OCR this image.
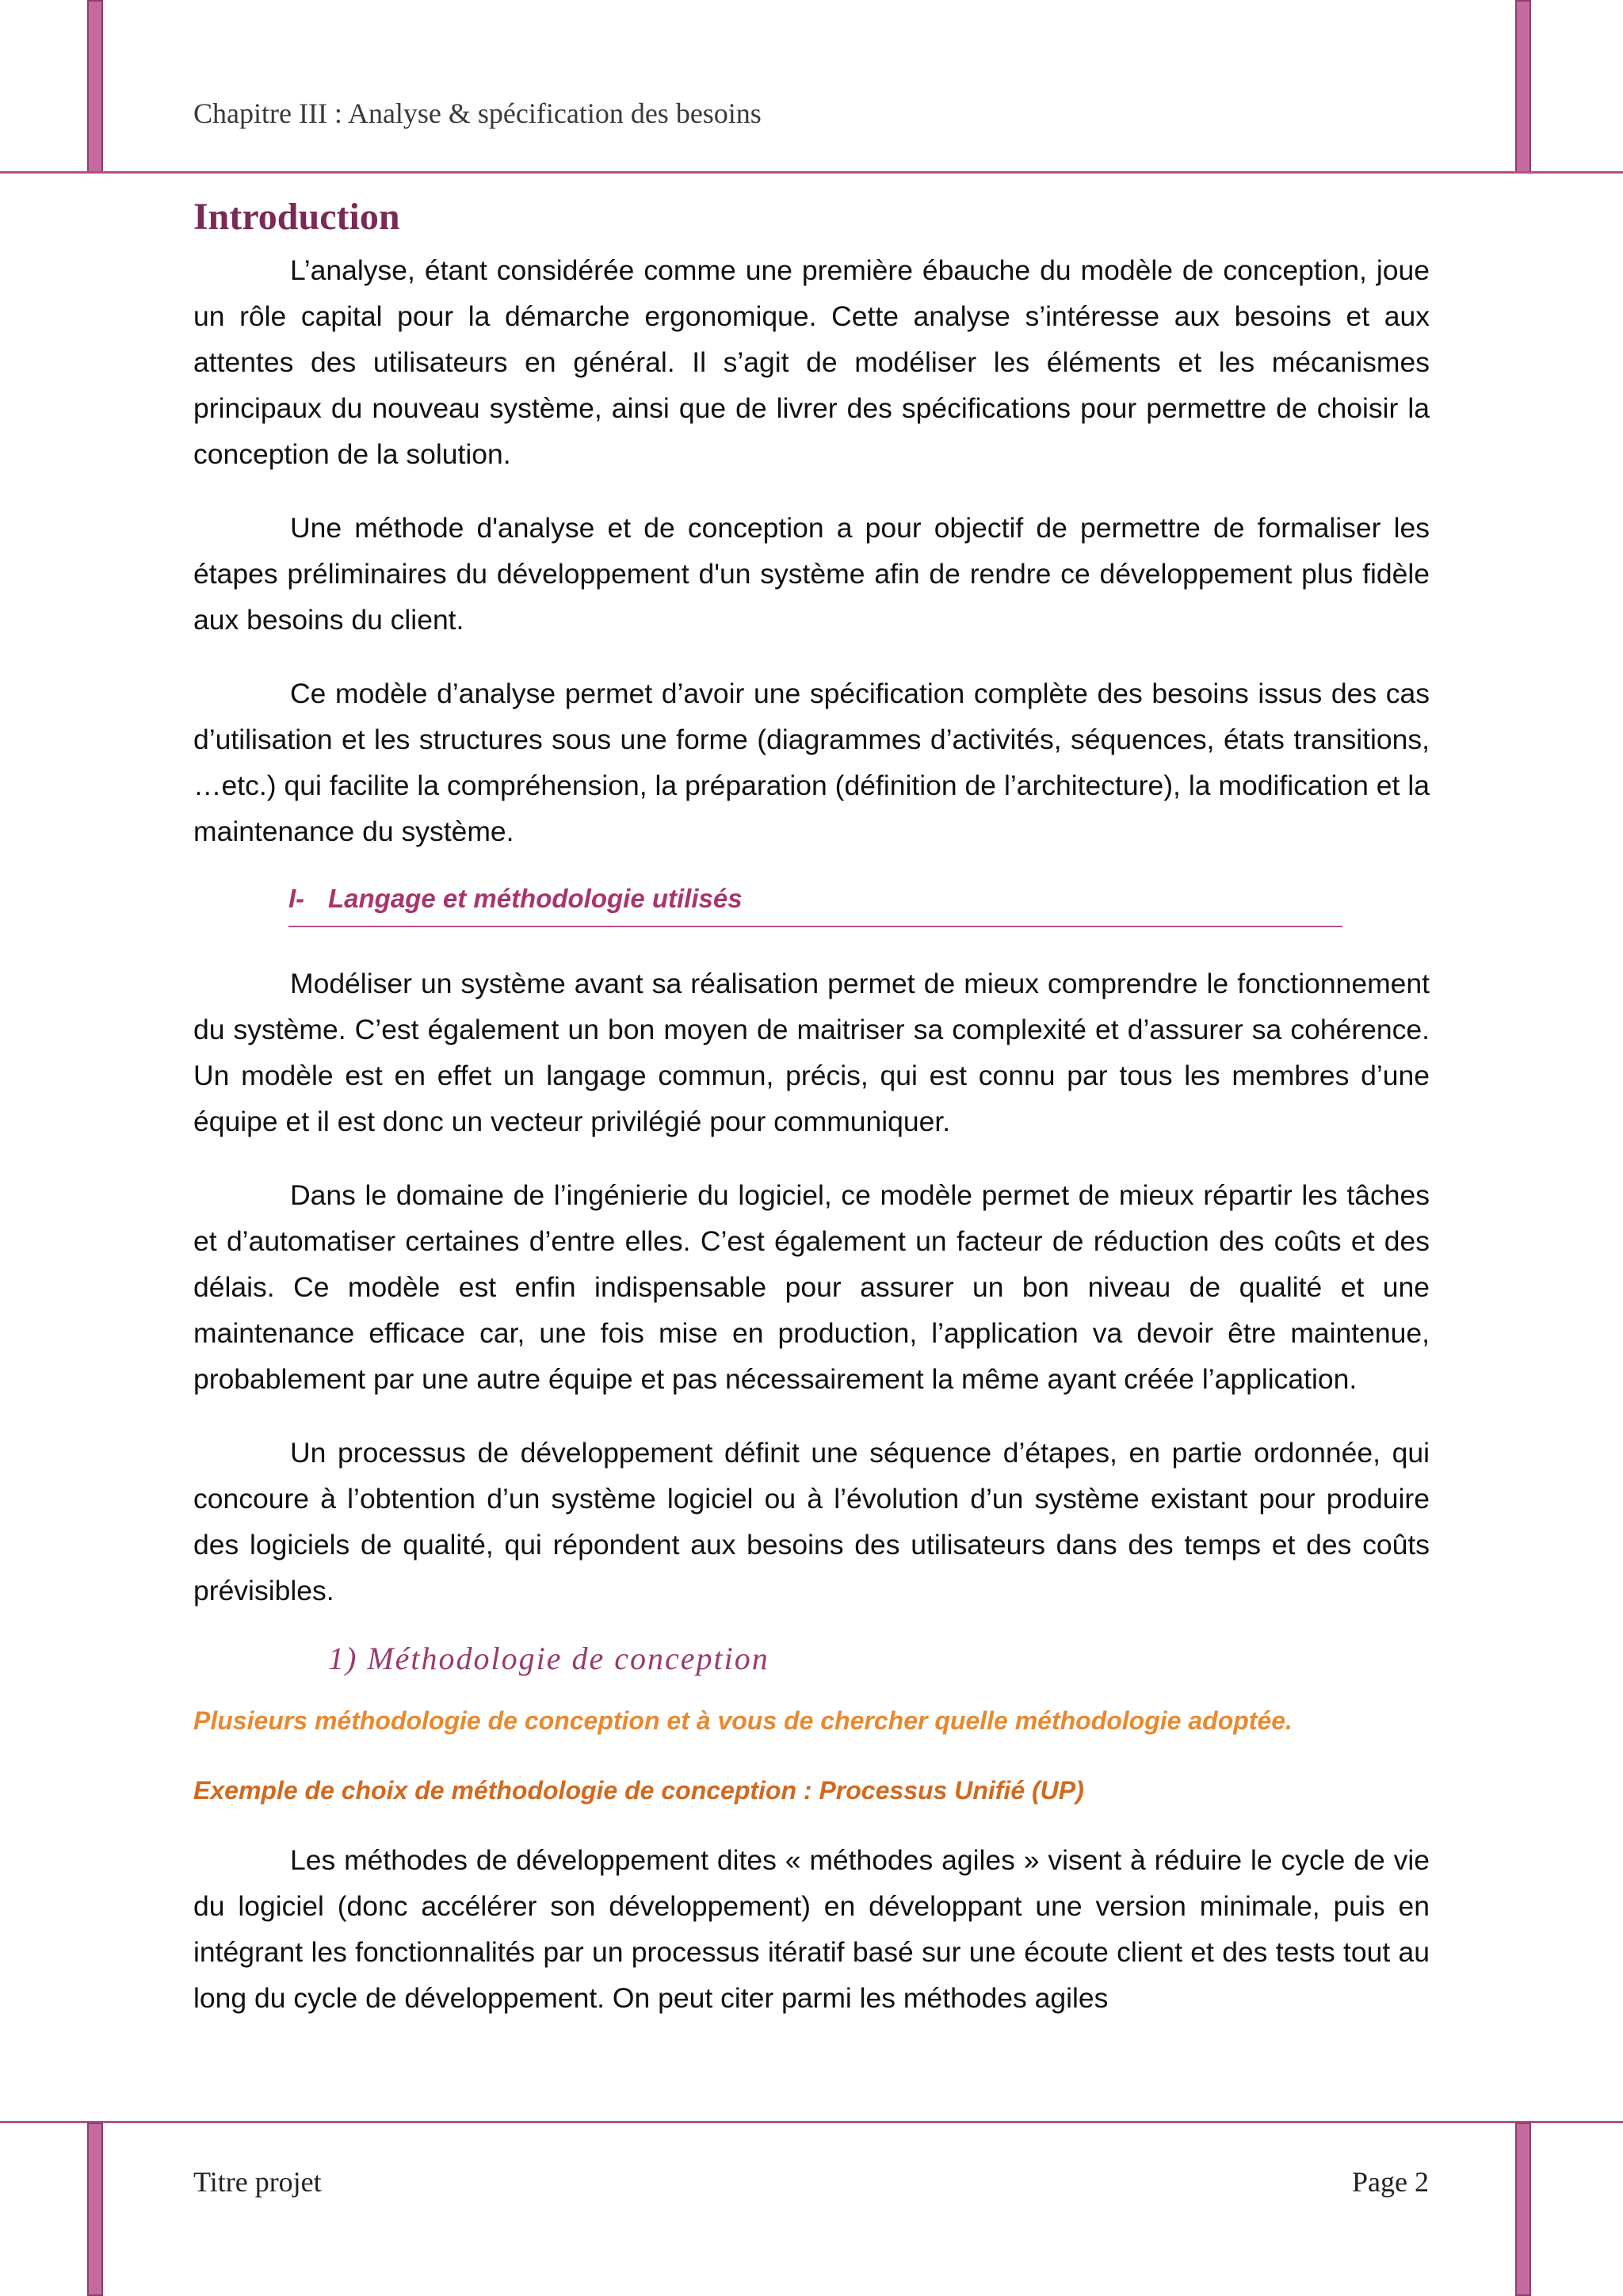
Chapitre III : Analyse & spécification des besoins
Introduction

L’analyse, étant considérée comme une première ébauche du modèle de conception, joue un rôle capital pour la démarche ergonomique. Cette analyse s’intéresse aux besoins et aux attentes des utilisateurs en général. Il s’agit de modéliser les éléments et les mécanismes principaux du nouveau système, ainsi que de livrer des spécifications pour permettre de choisir la conception de la solution.

Une méthode d'analyse et de conception a pour objectif de permettre de formaliser les étapes préliminaires du développement d'un système afin de rendre ce développement plus fidèle aux besoins du client.

Ce modèle d’analyse permet d’avoir une spécification complète des besoins issus des cas d’utilisation et les structures sous une forme (diagrammes d’activités, séquences, états transitions, …etc.) qui facilite la compréhension, la préparation (définition de l’architecture), la modification et la maintenance du système.

I- Langage et méthodologie utilisés

Modéliser un système avant sa réalisation permet de mieux comprendre le fonctionnement du système. C’est également un bon moyen de maitriser sa complexité et d’assurer sa cohérence. Un modèle est en effet un langage commun, précis, qui est connu par tous les membres d’une équipe et il est donc un vecteur privilégié pour communiquer.

Dans le domaine de l’ingénierie du logiciel, ce modèle permet de mieux répartir les tâches et d’automatiser certaines d’entre elles. C’est également un facteur de réduction des coûts et des délais. Ce modèle est enfin indispensable pour assurer un bon niveau de qualité et une maintenance efficace car, une fois mise en production, l’application va devoir être maintenue, probablement par une autre équipe et pas nécessairement la même ayant créée l’application.

Un processus de développement définit une séquence d’étapes, en partie ordonnée, qui concoure à l’obtention d’un système logiciel ou à l’évolution d’un système existant pour produire des logiciels de qualité, qui répondent aux besoins des utilisateurs dans des temps et des coûts prévisibles.

1) Méthodologie de conception
Plusieurs méthodologie de conception et à vous de chercher quelle méthodologie adoptée.
Exemple de choix de méthodologie de conception : Processus Unifié (UP)

Les méthodes de développement dites « méthodes agiles » visent à réduire le cycle de vie du logiciel (donc accélérer son développement) en développant une version minimale, puis en intégrant les fonctionnalités par un processus itératif basé sur une écoute client et des tests tout au long du cycle de développement. On peut citer parmi les méthodes agiles

Titre projet	Page 2
